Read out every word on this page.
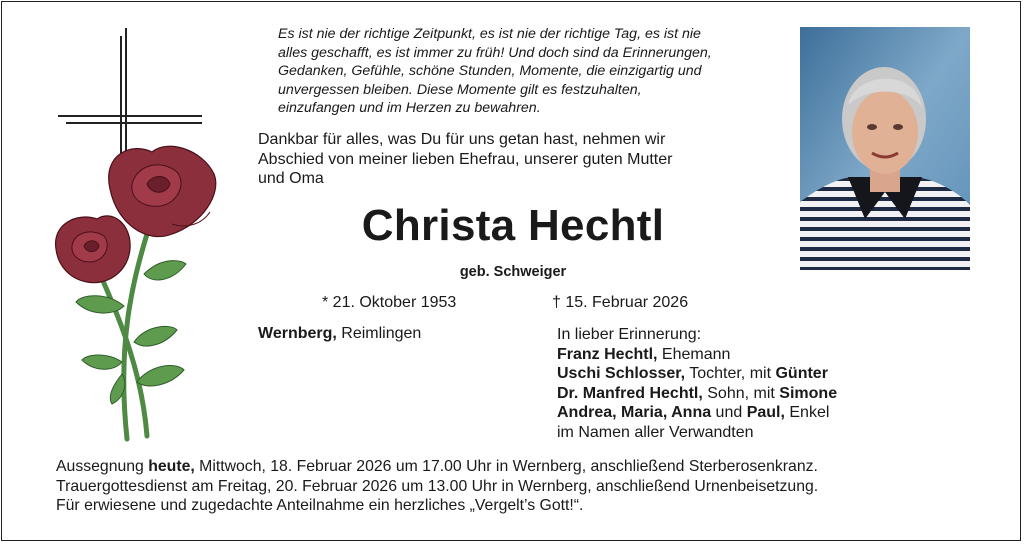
Es ist nie der richtige Zeitpunkt, es ist nie der richtige Tag, es ist nie
alles geschafft, es ist immer zu früh! Und doch sind da Erinnerungen,
Gedanken, Gefühle, schöne Stunden, Momente, die einzigartig und
unvergessen bleiben. Diese Momente gilt es festzuhalten,
einzufangen und im Herzen zu bewahren.
Dankbar für alles, was Du für uns getan hast, nehmen wir
Abschied von meiner lieben Ehefrau, unserer guten Mutter
und Oma
Christa Hechtl
geb. Schweiger
* 21. Oktober 1953	† 15. Februar 2026
Wernberg, Reimlingen	In lieber Erinnerung:
Franz Hechtl, Ehemann
Uschi Schlosser, Tochter, mit Günter
Dr. Manfred Hechtl, Sohn, mit Simone
Andrea, Maria, Anna und Paul, Enkel
im Namen aller Verwandten
Aussegnung heute, Mittwoch, 18. Februar 2026 um 17.00 Uhr in Wernberg, anschließend Sterberosenkranz.
Trauergottesdienst am Freitag, 20. Februar 2026 um 13.00 Uhr in Wernberg, anschließend Urnenbeisetzung.
Für erwiesene und zugedachte Anteilnahme ein herzliches „Vergelt’s Gott!“.
